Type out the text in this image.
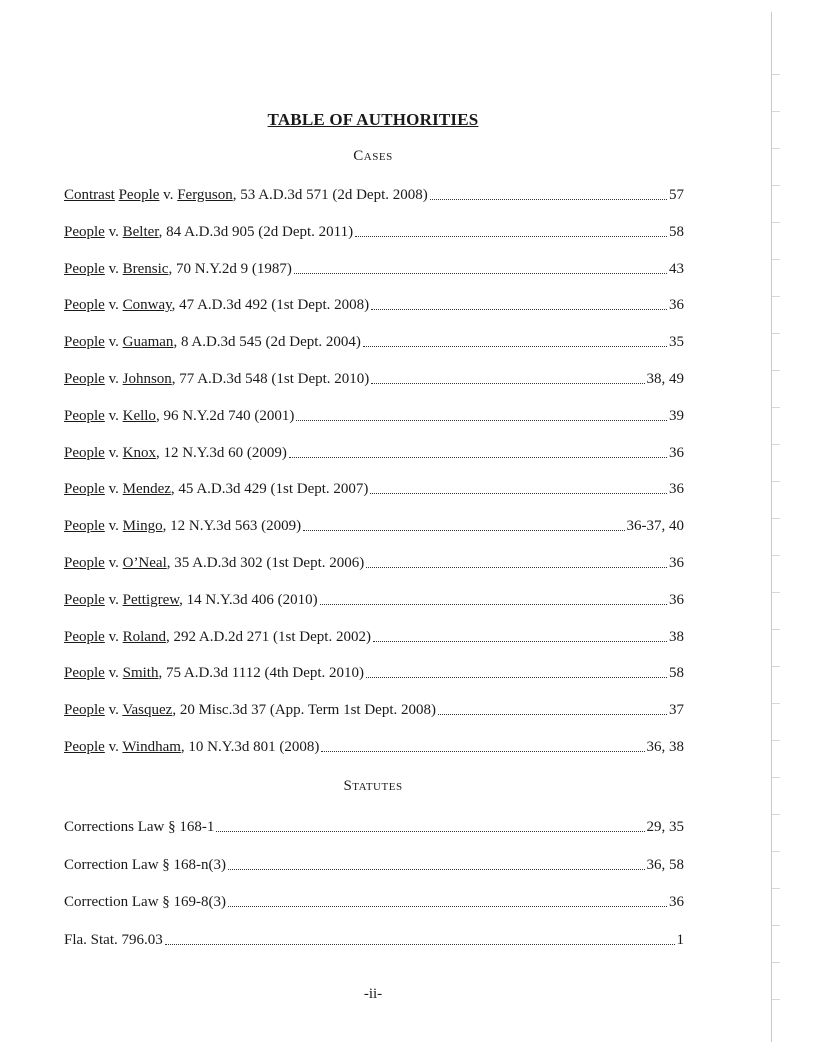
TABLE OF AUTHORITIES
Cases
Contrast People v. Ferguson, 53 A.D.3d 571 (2d Dept. 2008)	57
People v. Belter, 84 A.D.3d 905 (2d Dept. 2011)	58
People v. Brensic, 70 N.Y.2d 9 (1987)	43
People v. Conway, 47 A.D.3d 492 (1st Dept. 2008)	36
People v. Guaman, 8 A.D.3d 545 (2d Dept. 2004)	35
People v. Johnson, 77 A.D.3d 548 (1st Dept. 2010)	38, 49
People v. Kello, 96 N.Y.2d 740 (2001)	39
People v. Knox, 12 N.Y.3d 60 (2009)	36
People v. Mendez, 45 A.D.3d 429 (1st Dept. 2007)	36
People v. Mingo, 12 N.Y.3d 563 (2009)	36-37, 40
People v. O’Neal, 35 A.D.3d 302 (1st Dept. 2006)	36
People v. Pettigrew, 14 N.Y.3d 406 (2010)	36
People v. Roland, 292 A.D.2d 271 (1st Dept. 2002)	38
People v. Smith, 75 A.D.3d 1112 (4th Dept. 2010)	58
People v. Vasquez, 20 Misc.3d 37 (App. Term 1st Dept. 2008)	37
People v. Windham, 10 N.Y.3d 801 (2008)	36, 38
Statutes
Corrections Law § 168-1	29, 35
Correction Law § 168-n(3)	36, 58
Correction Law § 169-8(3)	36
Fla. Stat. 796.03	1
-ii-
